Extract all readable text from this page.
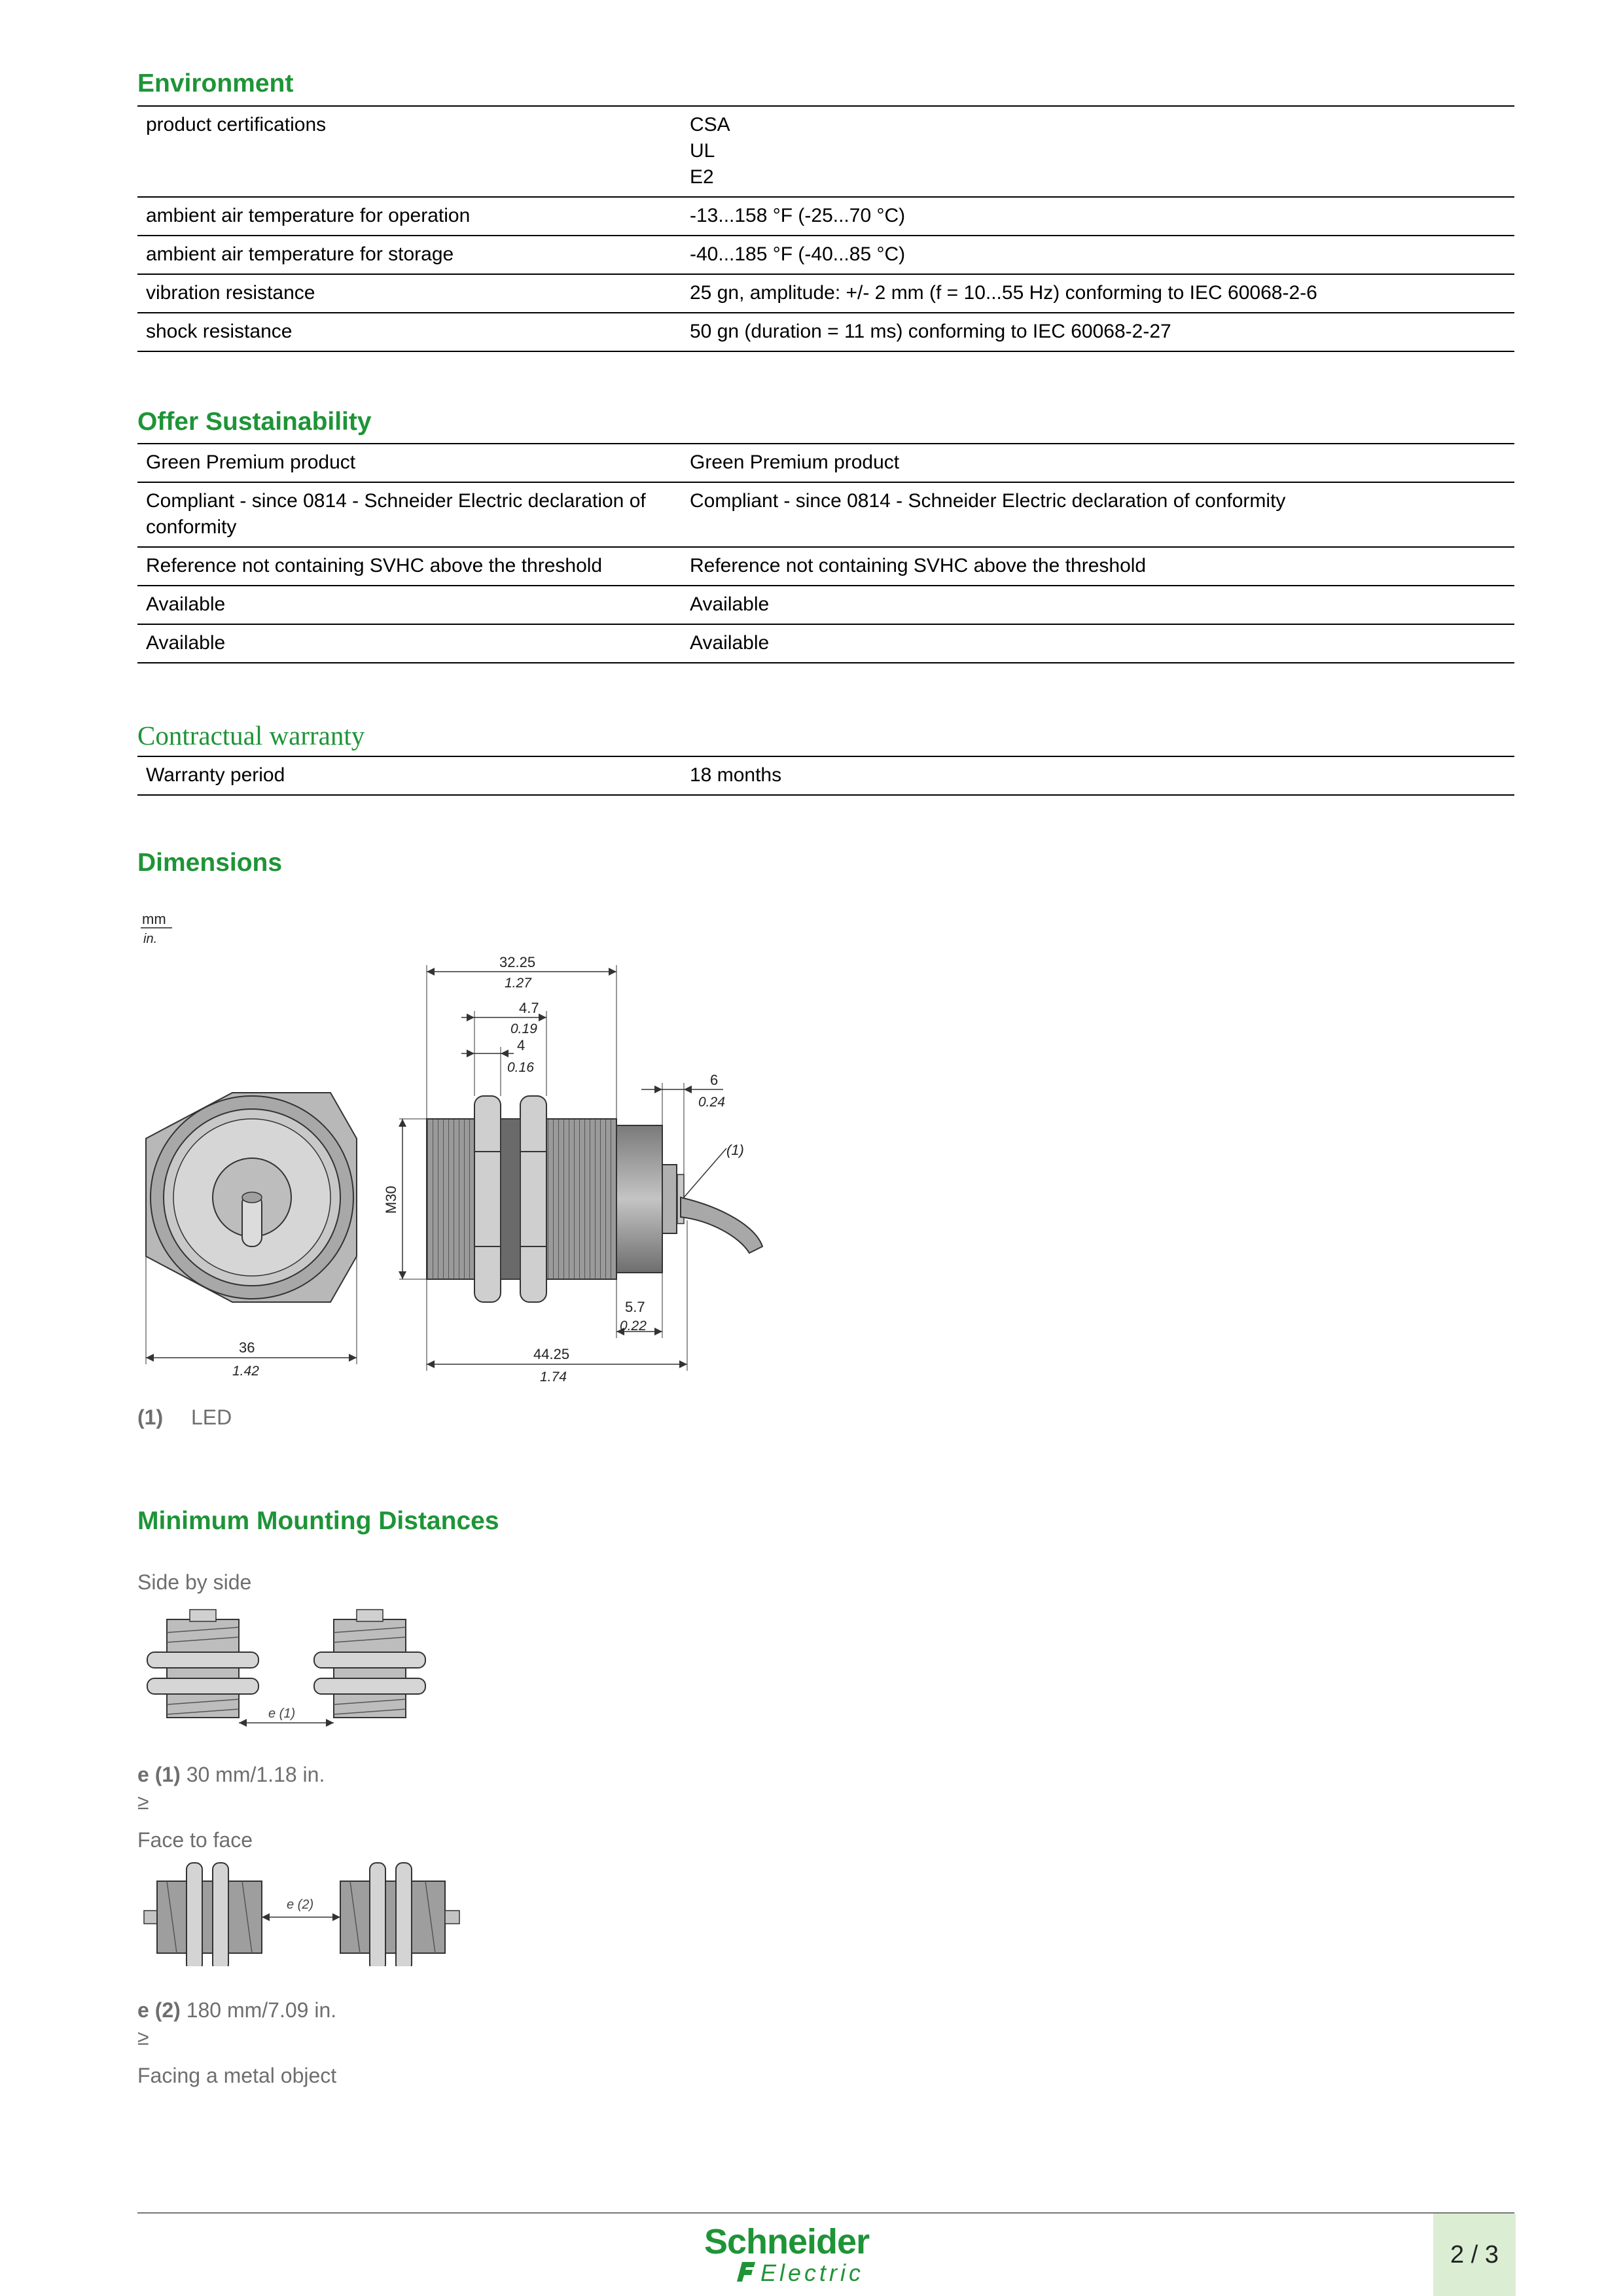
Environment
product certifications	CSA
UL
E2

ambient air temperature for operation	-13...158 °F (-25...70 °C)

ambient air temperature for storage	-40...185 °F (-40...85 °C)

vibration resistance	25 gn, amplitude: +/- 2 mm (f = 10...55 Hz) conforming to IEC 60068-2-6

shock resistance	50 gn (duration = 11 ms) conforming to IEC 60068-2-27
Offer Sustainability
Green Premium product	Green Premium product
Compliant - since 0814 - Schneider Electric declaration of conformity	Compliant - since 0814 - Schneider Electric declaration of conformity
Reference not containing SVHC above the threshold	Reference not containing SVHC above the threshold
Available	Available
Available	Available
Contractual warranty
Warranty period	18 months
Dimensions
mm
in.
36
1.42
M30
32.25
1.27
4.7
0.19
4
0.16
6
0.24
(1)
5.7
0.22
44.25
1.74
(1) LED
Minimum Mounting Distances
Side by side
e (1)
e (1) 30 mm/1.18 in.
≥
Face to face
e (2)
e (2) 180 mm/7.09 in.
≥
Facing a metal object
Schneider
Electric
2 / 3
